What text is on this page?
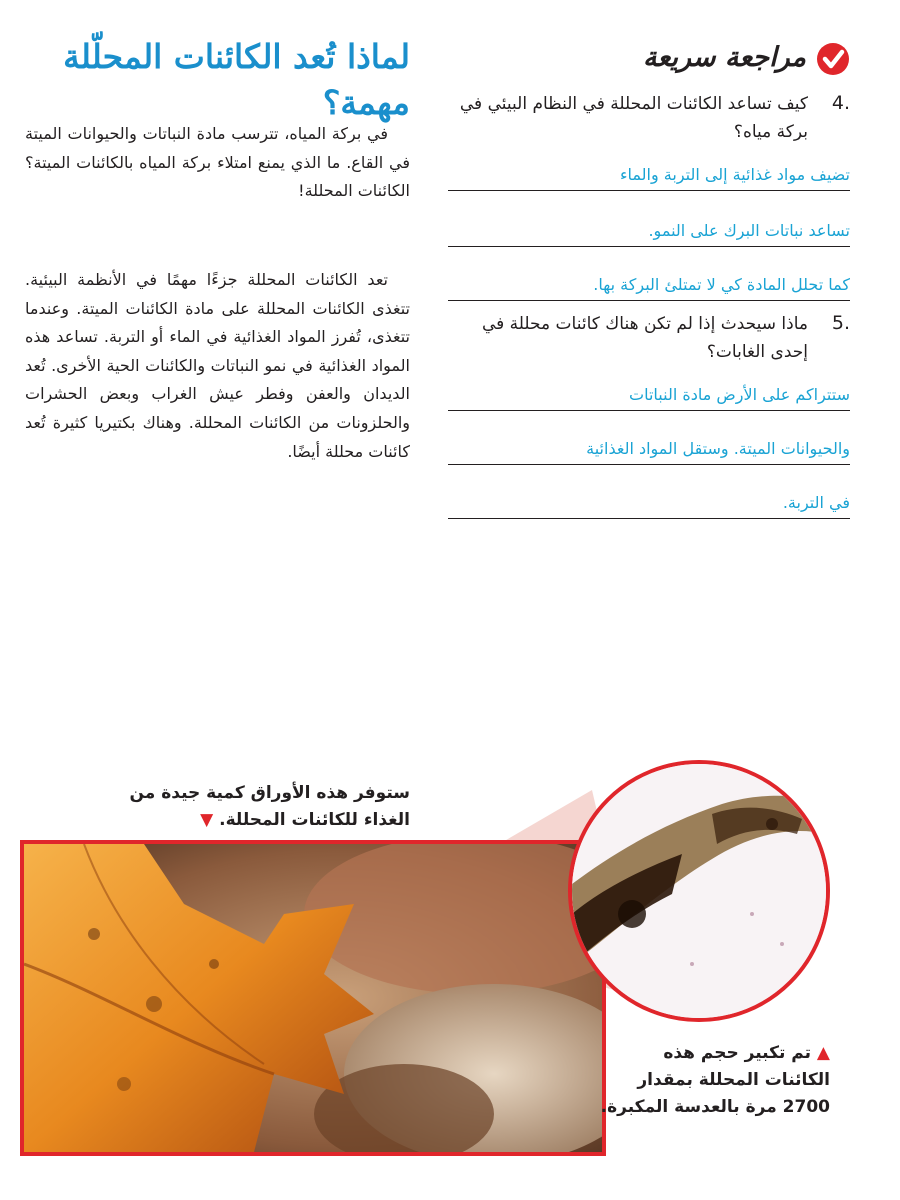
مراجعة سريعة
4.
كيف تساعد الكائنات المحللة في النظام البيئي في بركة مياه؟
تضيف مواد غذائية إلى التربة والماء
تساعد نباتات البرك على النمو.
كما تحلل المادة كي لا تمتلئ البركة بها.
5.
ماذا سيحدث إذا لم تكن هناك كائنات محللة في إحدى الغابات؟
ستتراكم على الأرض مادة النباتات
والحيوانات الميتة. وستقل المواد الغذائية
في التربة.
لماذا تُعد الكائنات المحلّلة مهمة؟

في بركة المياه، تترسب مادة النباتات والحيوانات الميتة في القاع. ما الذي يمنع امتلاء بركة المياه بالكائنات الميتة؟ الكائنات المحللة!

تعد الكائنات المحللة جزءًا مهمًا في الأنظمة البيئية. تتغذى الكائنات المحللة على مادة الكائنات الميتة. وعندما تتغذى، تُفرز المواد الغذائية في الماء أو التربة. تساعد هذه المواد الغذائية في نمو النباتات والكائنات الحية الأخرى. تُعد الديدان والعفن وفطر عيش الغراب وبعض الحشرات والحلزونات من الكائنات المحللة. وهناك بكتيريا كثيرة تُعد كائنات محللة أيضًا.

ستوفر هذه الأوراق كمية جيدة من الغذاء للكائنات المحللة. ▼
▲ تم تكبير حجم هذه الكائنات المحللة بمقدار 2700 مرة بالعدسة المكبرة.
